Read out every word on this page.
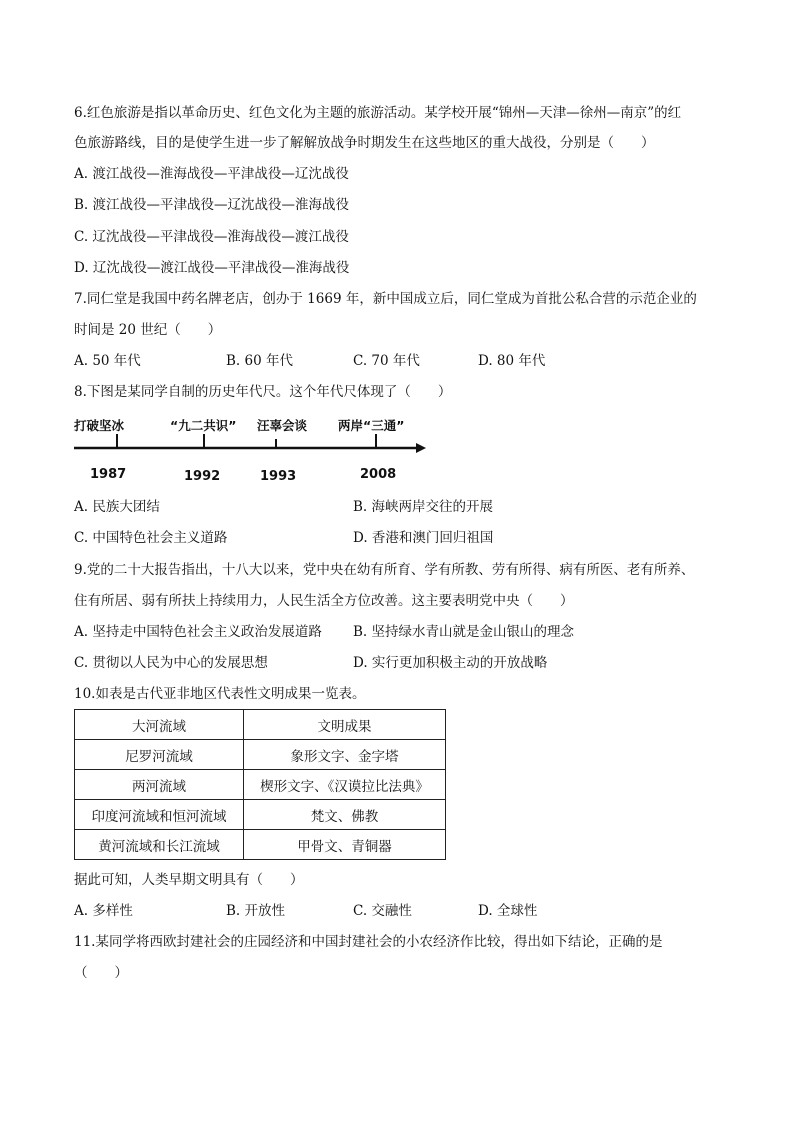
6.红色旅游是指以革命历史、红色文化为主题的旅游活动。某学校开展“锦州—天津—徐州—南京”的红
色旅游路线，目的是使学生进一步了解解放战争时期发生在这些地区的重大战役，分别是（　　）
A. 渡江战役—淮海战役—平津战役—辽沈战役
B. 渡江战役—平津战役—辽沈战役—淮海战役
C. 辽沈战役—平津战役—淮海战役—渡江战役
D. 辽沈战役—渡江战役—平津战役—淮海战役
7.同仁堂是我国中药名牌老店，创办于 1669 年，新中国成立后，同仁堂成为首批公私合营的示范企业的
时间是 20 世纪（　　）
A. 50 年代	B. 60 年代	C. 70 年代	D. 80 年代
8.下图是某同学自制的历史年代尺。这个年代尺体现了（　　）
打破坚冰	“九二共识” 汪辜会谈 两岸“三通”
1987	1992	1993	2008
A. 民族大团结	B. 海峡两岸交往的开展
C. 中国特色社会主义道路	D. 香港和澳门回归祖国
9.党的二十大报告指出，十八大以来，党中央在幼有所育、学有所教、劳有所得、病有所医、老有所养、
住有所居、弱有所扶上持续用力，人民生活全方位改善。这主要表明党中央（　　）
A. 坚持走中国特色社会主义政治发展道路 B. 坚持绿水青山就是金山银山的理念
C. 贯彻以人民为中心的发展思想	D. 实行更加积极主动的开放战略
10.如表是古代亚非地区代表性文明成果一览表。
大河流域	文明成果
尼罗河流域	象形文字、金字塔
两河流域	楔形文字、《汉谟拉比法典》
印度河流域和恒河流域	梵文、佛教
黄河流域和长江流域	甲骨文、青铜器
据此可知，人类早期文明具有（　　）
A. 多样性	B. 开放性	C. 交融性	D. 全球性
11.某同学将西欧封建社会的庄园经济和中国封建社会的小农经济作比较，得出如下结论，正确的是
（　　）
